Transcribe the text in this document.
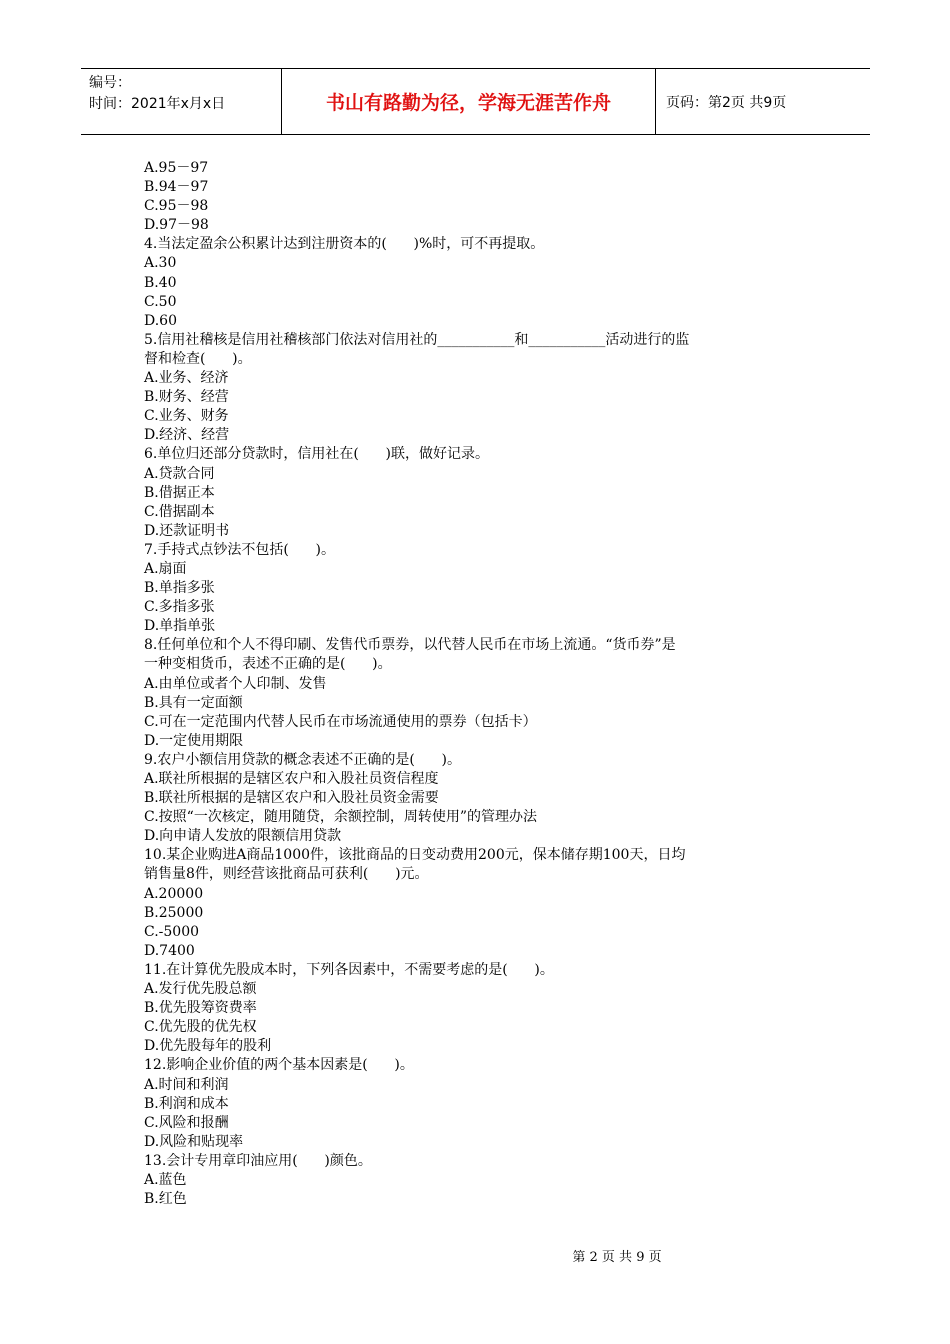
编号：
时间：2021年x月x日	书山有路勤为径，学海无涯苦作舟	页码：第2页 共9页
A.95－97
B.94－97
C.95－98
D.97－98
4.当法定盈余公积累计达到注册资本的(      )%时，可不再提取。
A.30
B.40
C.50
D.60
5.信用社稽核是信用社稽核部门依法对信用社的___________和___________活动进行的监
督和检查(      )。
A.业务、经济
B.财务、经营
C.业务、财务
D.经济、经营
6.单位归还部分贷款时，信用社在(      )联，做好记录。
A.贷款合同
B.借据正本
C.借据副本
D.还款证明书
7.手持式点钞法不包括(      )。
A.扇面
B.单指多张
C.多指多张
D.单指单张
8.任何单位和个人不得印刷、发售代币票券，以代替人民币在市场上流通。“货币券”是
一种变相货币，表述不正确的是(      )。
A.由单位或者个人印制、发售
B.具有一定面额
C.可在一定范围内代替人民币在市场流通使用的票券（包括卡）
D.一定使用期限
9.农户小额信用贷款的概念表述不正确的是(      )。
A.联社所根据的是辖区农户和入股社员资信程度
B.联社所根据的是辖区农户和入股社员资金需要
C.按照“一次核定，随用随贷，余额控制，周转使用”的管理办法
D.向申请人发放的限额信用贷款
10.某企业购进A商品1000件，该批商品的日变动费用200元，保本储存期100天，日均
销售量8件，则经营该批商品可获利(      )元。
A.20000
B.25000
C.-5000
D.7400
11.在计算优先股成本时，下列各因素中，不需要考虑的是(      )。
A.发行优先股总额
B.优先股筹资费率
C.优先股的优先权
D.优先股每年的股利
12.影响企业价值的两个基本因素是(      )。
A.时间和利润
B.利润和成本
C.风险和报酬
D.风险和贴现率
13.会计专用章印油应用(      )颜色。
A.蓝色
B.红色
第 2 页 共 9 页
